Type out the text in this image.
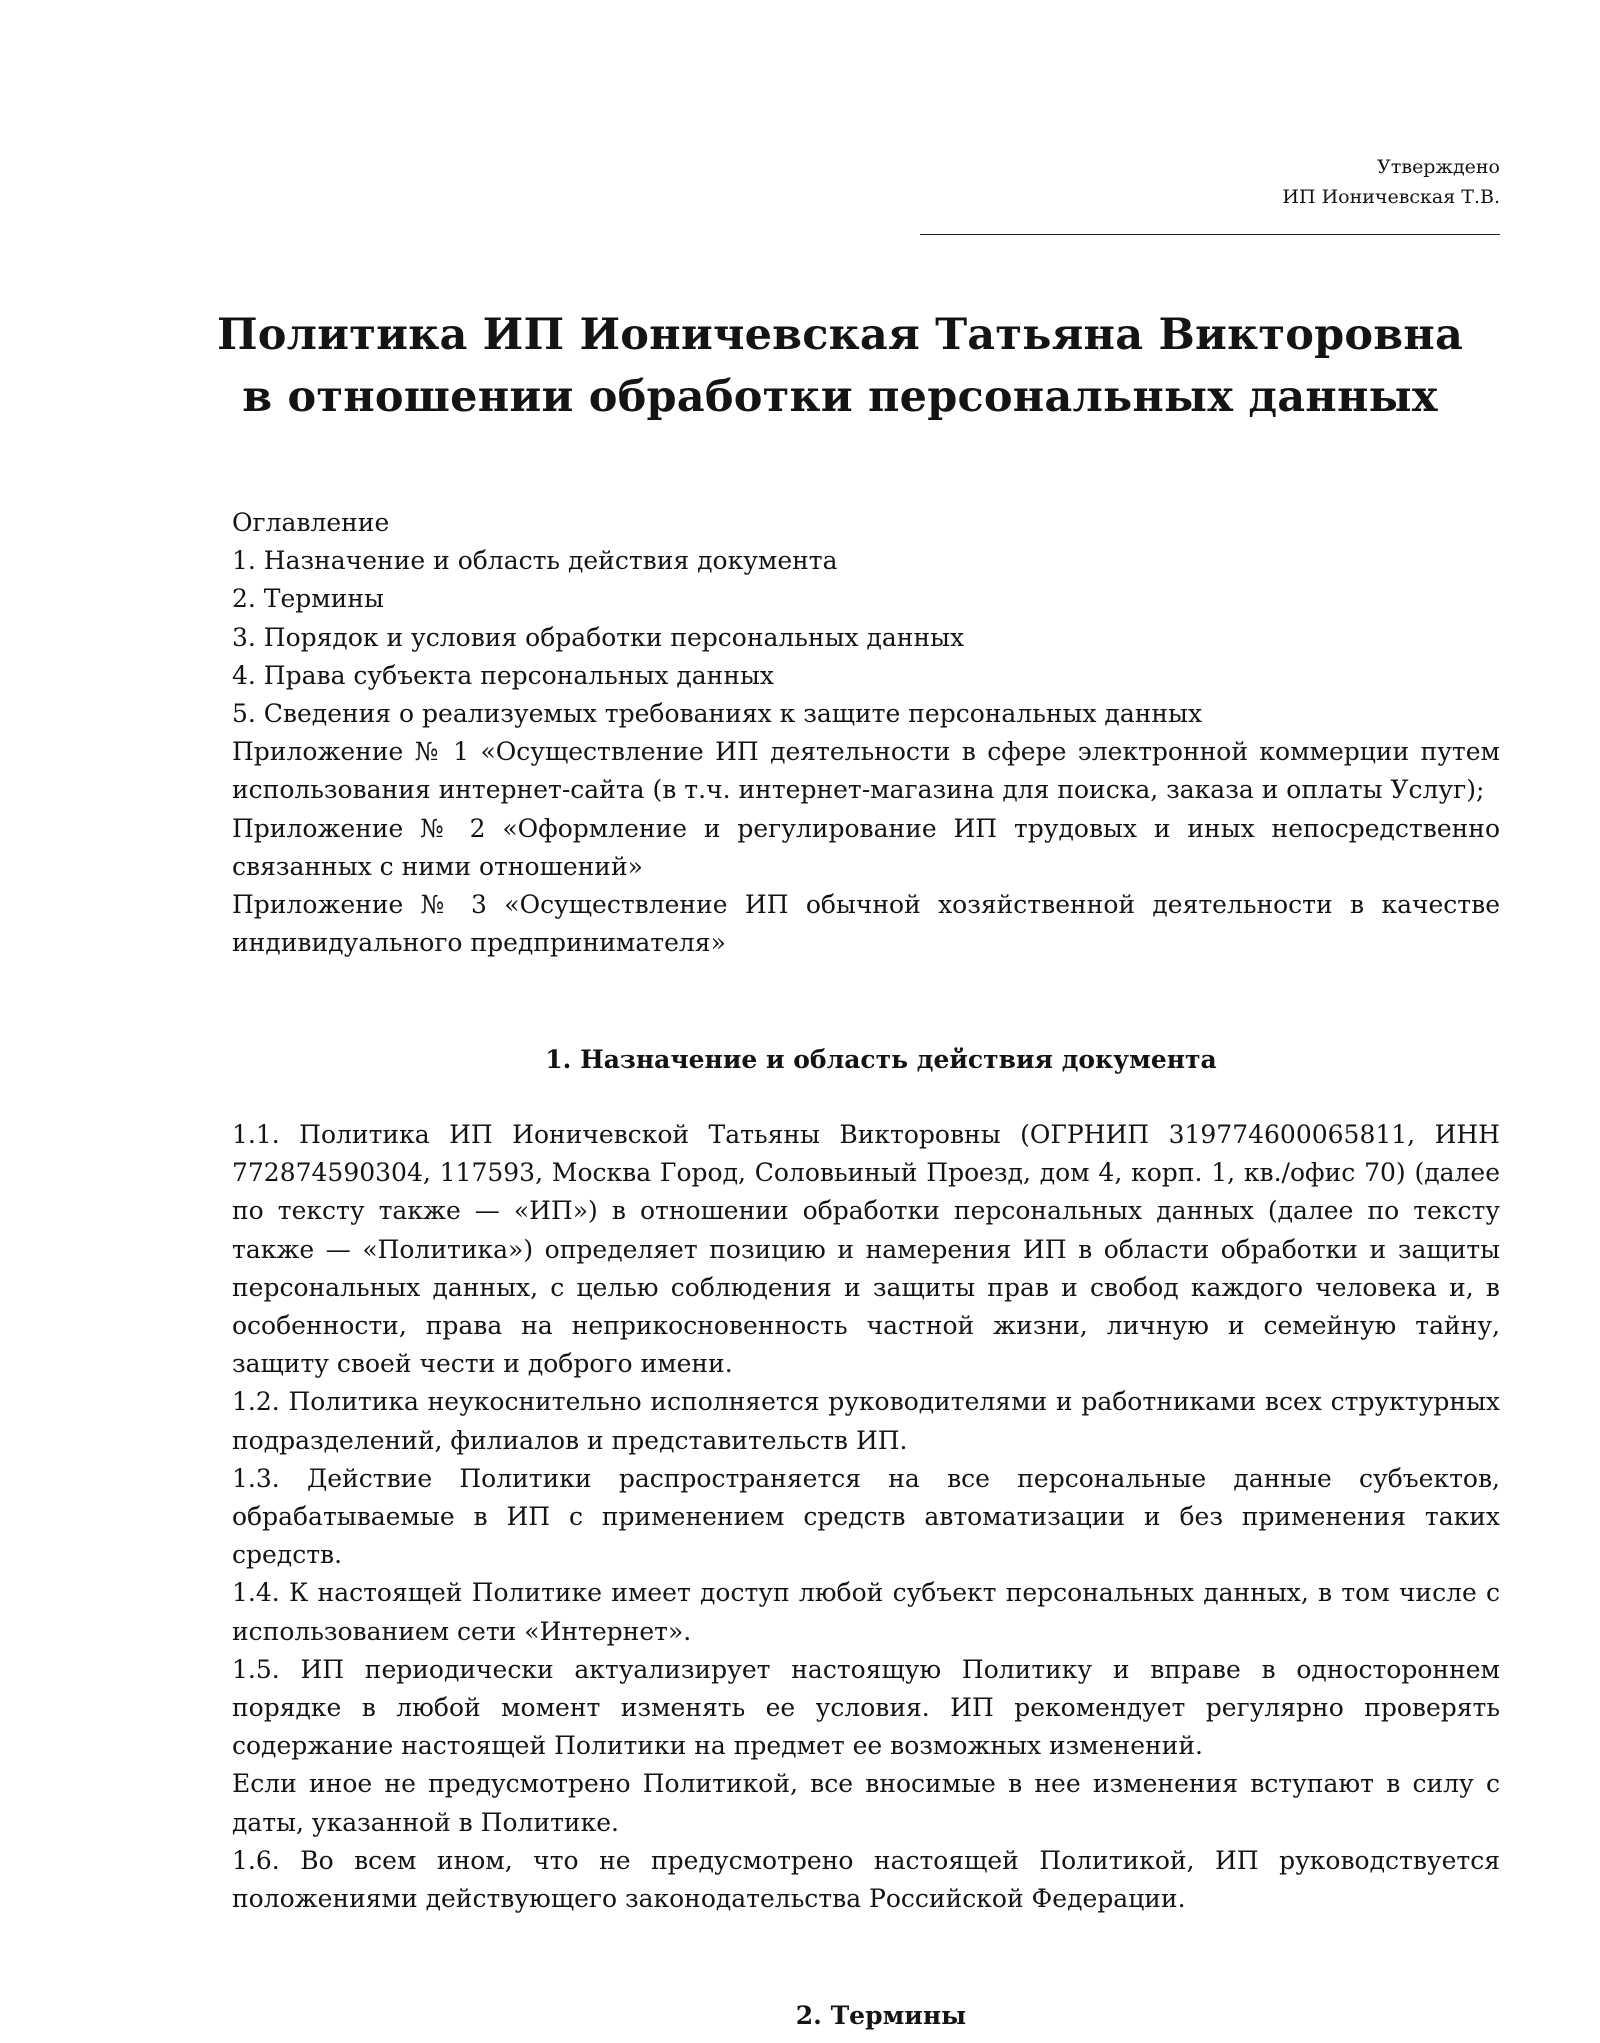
Утверждено
ИП Ионичевская Т.В.
Политика ИП Ионичевская Татьяна Викторовна
в отношении обработки персональных данных
Оглавление
1. Назначение и область действия документа
2. Термины
3. Порядок и условия обработки персональных данных
4. Права субъекта персональных данных
5. Сведения о реализуемых требованиях к защите персональных данных
Приложение № 1 «Осуществление ИП деятельности в сфере электронной коммерции путем использования интернет-сайта (в т.ч. интернет-магазина для поиска, заказа и оплаты Услуг);
Приложение № 2 «Оформление и регулирование ИП трудовых и иных непосредственно связанных с ними отношений»
Приложение № 3 «Осуществление ИП обычной хозяйственной деятельности в качестве индивидуального предпринимателя»
1. Назначение и область действия документа
1.1. Политика ИП Ионичевской Татьяны Викторовны (ОГРНИП 319774600065811, ИНН 772874590304, 117593, Москва Город, Соловьиный Проезд, дом 4, корп. 1, кв./офис 70) (далее по тексту также — «ИП») в отношении обработки персональных данных (далее по тексту также — «Политика») определяет позицию и намерения ИП в области обработки и защиты персональных данных, с целью соблюдения и защиты прав и свобод каждого человека и, в особенности, права на неприкосновенность частной жизни, личную и семейную тайну, защиту своей чести и доброго имени.
1.2. Политика неукоснительно исполняется руководителями и работниками всех структурных подразделений, филиалов и представительств ИП.
1.3. Действие Политики распространяется на все персональные данные субъектов, обрабатываемые в ИП с применением средств автоматизации и без применения таких средств.
1.4. К настоящей Политике имеет доступ любой субъект персональных данных, в том числе с использованием сети «Интернет».
1.5. ИП периодически актуализирует настоящую Политику и вправе в одностороннем порядке в любой момент изменять ее условия. ИП рекомендует регулярно проверять содержание настоящей Политики на предмет ее возможных изменений.
Если иное не предусмотрено Политикой, все вносимые в нее изменения вступают в силу с даты, указанной в Политике.
1.6. Во всем ином, что не предусмотрено настоящей Политикой, ИП руководствуется положениями действующего законодательства Российской Федерации.
2. Термины
